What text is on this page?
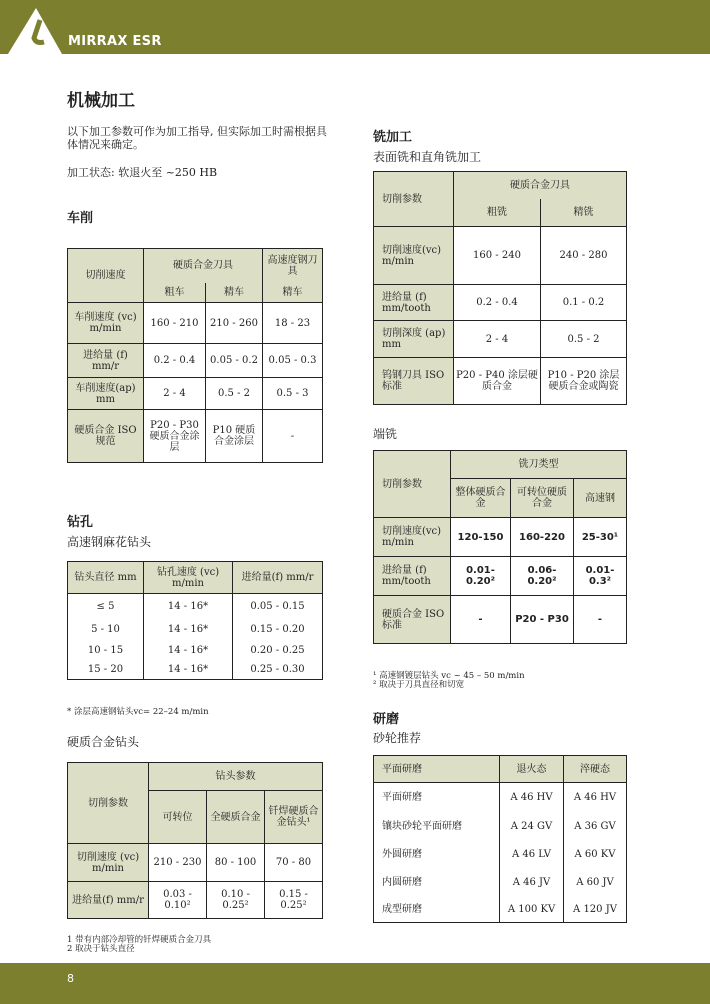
MIRRAX ESR
机械加工
以下加工参数可作为加工指导, 但实际加工时需根据具体情况来确定。
加工状态: 软退火至 ~250 HB
车削
切削速度	硬质合金刀具		高速度钢刀具
	粗车	精车	精车
车削速度 (vc) m/min	160 - 210	210 - 260	18 - 23
进给量 (f) mm/r	0.2 - 0.4	0.05 - 0.2	0.05 - 0.3
车削速度(ap) mm	2 - 4	0.5 - 2	0.5 - 3
硬质合金 ISO规范	P20 - P30 硬质合金涂层	P10 硬质合金涂层	-
钻孔
高速钢麻花钻头
钻头直径 mm	钻孔速度 (vc) m/min	进给量(f) mm/r
≤ 5	14 - 16*	0.05 - 0.15
5 - 10	14 - 16*	0.15 - 0.20
10 - 15	14 - 16*	0.20 - 0.25
15 - 20	14 - 16*	0.25 - 0.30
* 涂层高速钢钻头vc= 22–24 m/min
硬质合金钻头
切削参数	钻头参数		
	可转位	全硬质合金	钎焊硬质合金钻头¹
切削速度 (vc) m/min	210 - 230	80 - 100	70 - 80
进给量(f) mm/r	0.03 - 0.10²	0.10 - 0.25²	0.15 - 0.25²
1 带有内部冷却管的钎焊硬质合金刀具
2 取决于钻头直径
铣加工
表面铣和直角铣加工
切削参数	硬质合金刀具	
	粗铣	精铣
切削速度(vc) m/min	160 - 240	240 - 280
进给量 (f) mm/tooth	0.2 - 0.4	0.1 - 0.2
切削深度 (ap) mm	2 - 4	0.5 - 2
钨钢刀具 ISO标准	P20 - P40 涂层硬质合金	P10 - P20 涂层硬质合金或陶瓷
端铣
切削参数	铣刀类型		
	整体硬质合金	可转位硬质合金	高速钢
切削速度(vc) m/min	120-150	160-220	25-30¹
进给量 (f) mm/tooth	0.01- 0.20²	0.06- 0.20²	0.01- 0.3²
硬质合金 ISO标准	-	P20 - P30	-
¹ 高速钢镀层钻头 vc ~ 45 – 50 m/min
² 取决于刀具直径和切宽
研磨
砂轮推荐
平面研磨	退火态	淬硬态
平面研磨	A 46 HV	A 46 HV
镶块砂轮平面研磨	A 24 GV	A 36 GV
外圆研磨	A 46 LV	A 60 KV
内圆研磨	A 46 JV	A 60 JV
成型研磨	A 100 KV	A 120 JV
8
